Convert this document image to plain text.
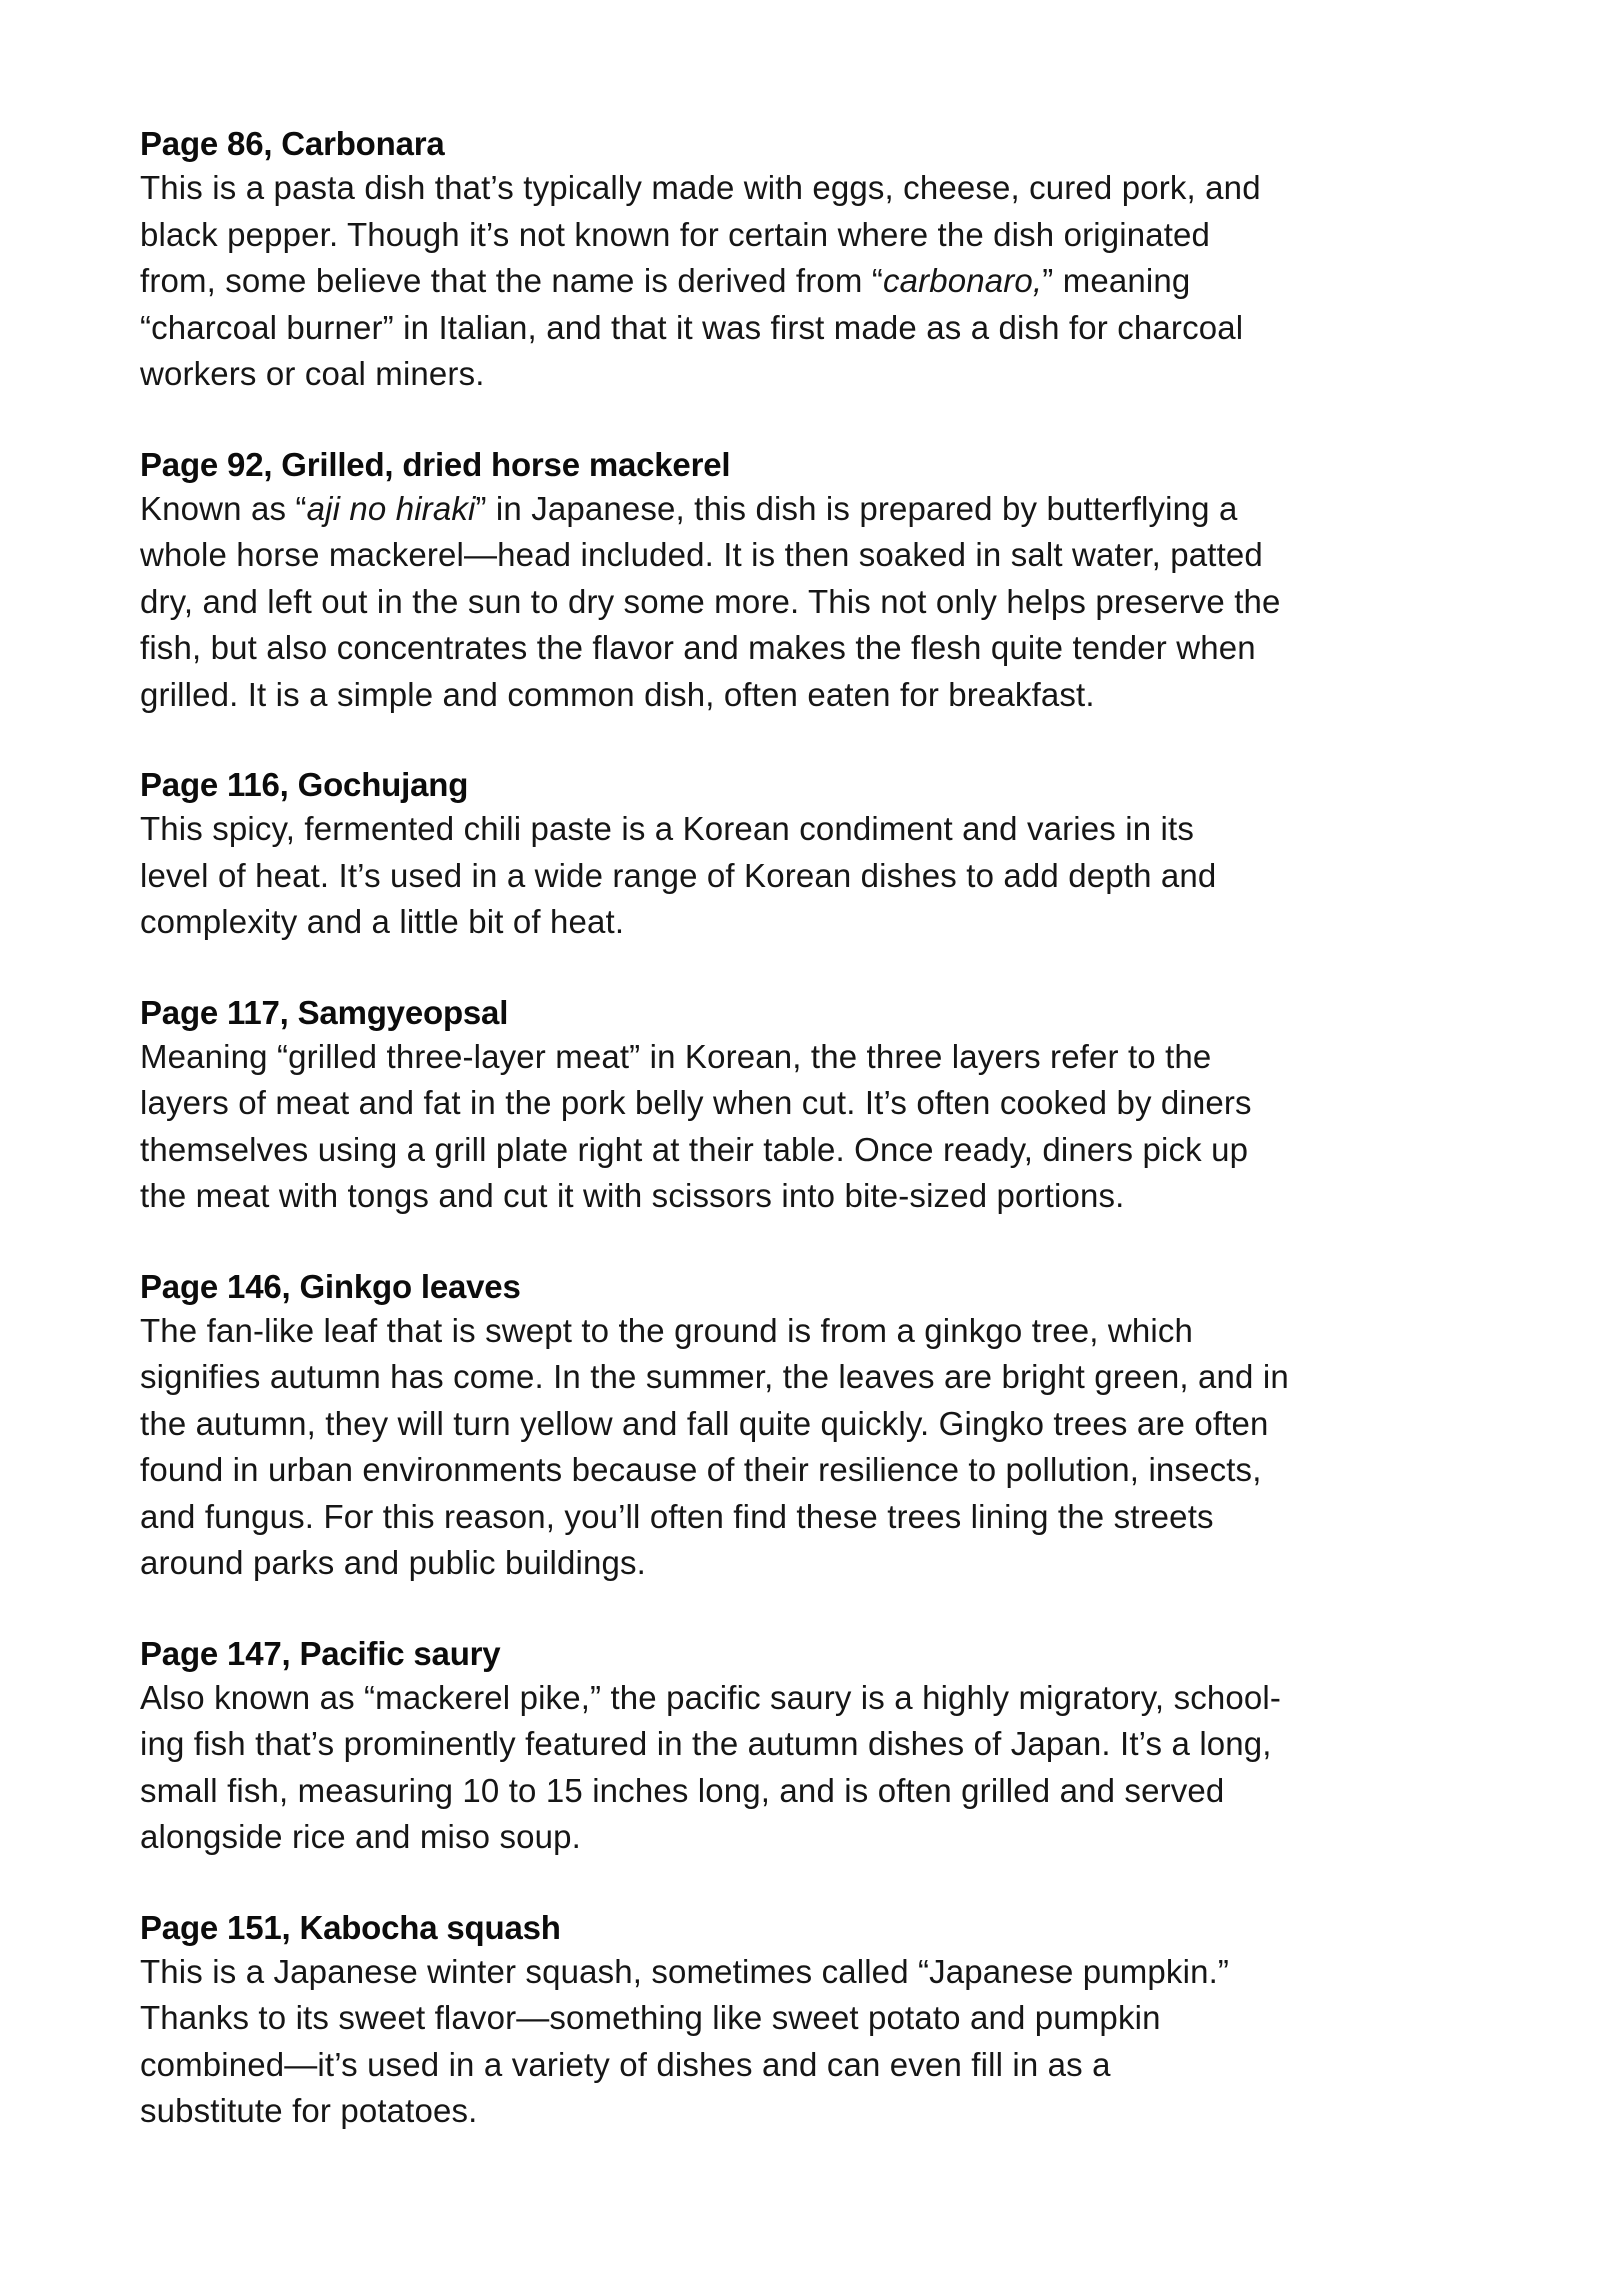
Page 86, Carbonara

This is a pasta dish that’s typically made with eggs, cheese, cured pork, and
black pepper. Though it’s not known for certain where the dish originated
from, some believe that the name is derived from “carbonaro,” meaning
“charcoal burner” in Italian, and that it was first made as a dish for charcoal
workers or coal miners.

Page 92, Grilled, dried horse mackerel

Known as “aji no hiraki” in Japanese, this dish is prepared by butterflying a
whole horse mackerel—head included. It is then soaked in salt water, patted
dry, and left out in the sun to dry some more. This not only helps preserve the
fish, but also concentrates the flavor and makes the flesh quite tender when
grilled. It is a simple and common dish, often eaten for breakfast.

Page 116, Gochujang

This spicy, fermented chili paste is a Korean condiment and varies in its
level of heat. It’s used in a wide range of Korean dishes to add depth and
complexity and a little bit of heat.

Page 117, Samgyeopsal

Meaning “grilled three-layer meat” in Korean, the three layers refer to the
layers of meat and fat in the pork belly when cut. It’s often cooked by diners
themselves using a grill plate right at their table. Once ready, diners pick up
the meat with tongs and cut it with scissors into bite-sized portions.

Page 146, Ginkgo leaves

The fan-like leaf that is swept to the ground is from a ginkgo tree, which
signifies autumn has come. In the summer, the leaves are bright green, and in
the autumn, they will turn yellow and fall quite quickly. Gingko trees are often
found in urban environments because of their resilience to pollution, insects,
and fungus. For this reason, you’ll often find these trees lining the streets
around parks and public buildings.

Page 147, Pacific saury

Also known as “mackerel pike,” the pacific saury is a highly migratory, school-
ing fish that’s prominently featured in the autumn dishes of Japan. It’s a long,
small fish, measuring 10 to 15 inches long, and is often grilled and served
alongside rice and miso soup.

Page 151, Kabocha squash

This is a Japanese winter squash, sometimes called “Japanese pumpkin.”
Thanks to its sweet flavor—something like sweet potato and pumpkin
combined—it’s used in a variety of dishes and can even fill in as a
substitute for potatoes.
